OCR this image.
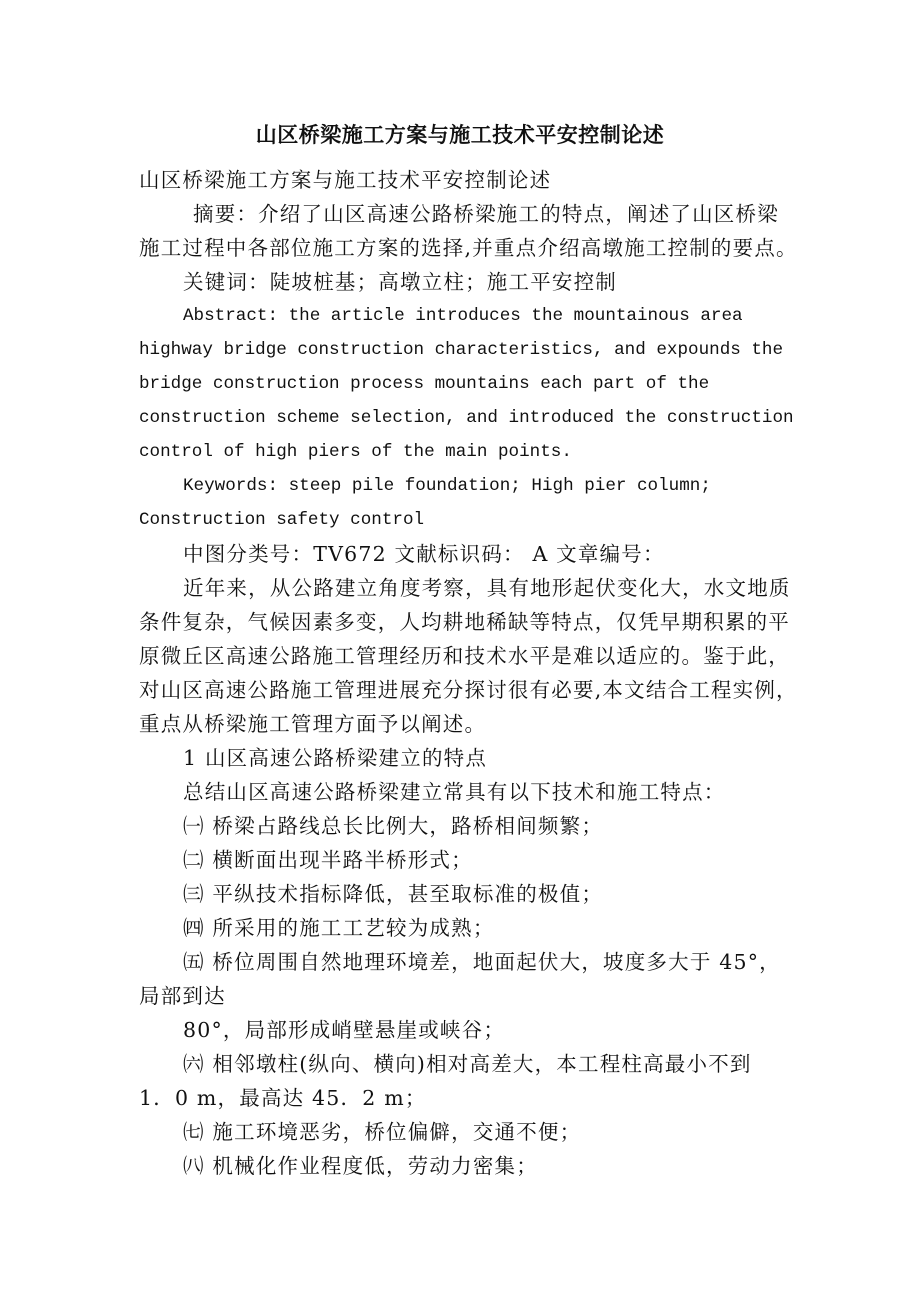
山区桥梁施工方案与施工技术平安控制论述
山区桥梁施工方案与施工技术平安控制论述
摘要：介绍了山区高速公路桥梁施工的特点，阐述了山区桥梁
施工过程中各部位施工方案的选择,并重点介绍高墩施工控制的要点。
关键词：陡坡桩基；高墩立柱；施工平安控制
Abstract: the article introduces the mountainous area
highway bridge construction characteristics, and expounds the
bridge construction process mountains each part of the
construction scheme selection, and introduced the construction
control of high piers of the main points.
Keywords: steep pile foundation; High pier column;
Construction safety control
中图分类号：TV672 文献标识码： A 文章编号：
近年来，从公路建立角度考察，具有地形起伏变化大，水文地质
条件复杂，气候因素多变，人均耕地稀缺等特点，仅凭早期积累的平
原微丘区高速公路施工管理经历和技术水平是难以适应的。鉴于此，
对山区高速公路施工管理进展充分探讨很有必要,本文结合工程实例，
重点从桥梁施工管理方面予以阐述。
1 山区高速公路桥梁建立的特点
总结山区高速公路桥梁建立常具有以下技术和施工特点：
㈠ 桥梁占路线总长比例大，路桥相间频繁；
㈡ 横断面出现半路半桥形式；
㈢ 平纵技术指标降低，甚至取标准的极值；
㈣ 所采用的施工工艺较为成熟；
㈤ 桥位周围自然地理环境差，地面起伏大，坡度多大于 45°，
局部到达
80°，局部形成峭壁悬崖或峡谷；
㈥ 相邻墩柱(纵向、横向)相对高差大，本工程柱高最小不到
1．0 m，最高达 45．2 m；
㈦ 施工环境恶劣，桥位偏僻，交通不便；
㈧ 机械化作业程度低，劳动力密集；
